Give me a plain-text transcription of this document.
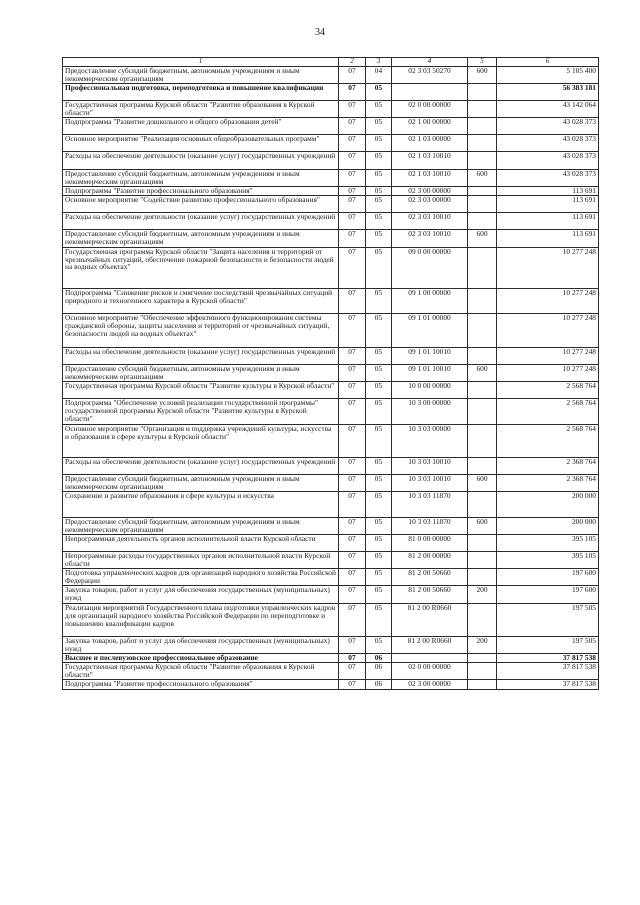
34
1	2	3	4	5	6
Предоставление субсидий бюджетным, автономным учреждениям и иным некоммерческим организациям	07	04	02 3 03 50270	600	5 105 400
Профессиональная подготовка, переподготовка и повышение квалификации	07	05			56 383 181
Государственная программа Курской области "Развитие образования в Курской области"	07	05	02 0 00 00000		43 142 064
Подпрограмма "Развитие дошкольного и общего образования детей"	07	05	02 1 00 00000		43 028 373
Основное мероприятие "Реализация основных общеобразовательных программ"	07	05	02 1 03 00000		43 028 373
Расходы на обеспечение деятельности (оказание услуг) государственных учреждений	07	05	02 1 03 10010		43 028 373
Предоставление субсидий бюджетным, автономным учреждениям и иным некоммерческим организациям	07	05	02 1 03 10010	600	43 028 373
Подпрограмма "Развитие профессионального образования"	07	05	02 3 00 00000		113 691
Основное мероприятие "Содействие развитию профессионального образования"	07	05	02 3 03 00000		113 691
Расходы на обеспечение деятельности (оказание услуг) государственных учреждений	07	05	02 3 03 10010		113 691
Предоставление субсидий бюджетным, автономным учреждениям и иным некоммерческим организациям	07	05	02 3 03 10010	600	113 691
Государственная программа Курской области "Защита населения и территорий от чрезвычайных ситуаций, обеспечение пожарной безопасности и безопасности людей на водных объектах"	07	05	09 0 00 00000		10 277 248
Подпрограмма "Снижение рисков и смягчение последствий чрезвычайных ситуаций природного и техногенного характера в Курской области"	07	05	09 1 00 00000		10 277 248
Основное мероприятие "Обеспечение эффективного функционирования системы гражданской обороны, защиты населения и территорий от чрезвычайных ситуаций, безопасности людей на водных объектах"	07	05	09 1 01 00000		10 277 248
Расходы на обеспечение деятельности (оказание услуг) государственных учреждений	07	05	09 1 01 10010		10 277 248
Предоставление субсидий бюджетным, автономным учреждениям и иным некоммерческим организациям	07	05	09 1 01 10010	600	10 277 248
Государственная программа Курской области "Развитие культуры в Курской области"	07	05	10 0 00 00000		2 568 764
Подпрограмма "Обеспечение условий реализации государственной программы" государственной программы Курской области "Развитие культуры в Курской области"	07	05	10 3 00 00000		2 568 764
Основное мероприятие "Организация и поддержка учреждений культуры, искусства и образования в сфере культуры в Курской области"	07	05	10 3 03 00000		2 568 764
Расходы на обеспечение деятельности (оказание услуг) государственных учреждений	07	05	10 3 03 10010		2 368 764
Предоставление субсидий бюджетным, автономным учреждениям и иным некоммерческим организациям	07	05	10 3 03 10010	600	2 368 764
Сохранение и развитие образования в сфере культуры и искусства	07	05	10 3 03 11870		200 000
Предоставление субсидий бюджетным, автономным учреждениям и иным некоммерческим организациям	07	05	10 3 03 11870	600	200 000
Непрограммная деятельность органов исполнительной власти Курской области	07	05	81 0 00 00000		395 105
Непрограммные расходы государственных органов исполнительной власти Курской области	07	05	81 2 00 00000		395 105
Подготовка управленческих кадров для организаций народного хозяйства Российской Федерации	07	05	81 2 00 50660		197 600
Закупка товаров, работ и услуг для обеспечения государственных (муниципальных) нужд	07	05	81 2 00 50660	200	197 600
Реализация мероприятий Государственного плана подготовки управленческих кадров для организаций народного хозяйства Российской Федерации по переподготовке и повышению квалификации кадров	07	05	81 2 00 R0660		197 505
Закупка товаров, работ и услуг для обеспечения государственных (муниципальных) нужд	07	05	81 2 00 R0660	200	197 505
Высшее и послевузовское профессиональное образование	07	06			37 817 538
Государственная программа Курской области "Развитие образования в Курской области"	07	06	02 0 00 00000		37 817 538
Подпрограмма "Развитие профессионального образования"	07	06	02 3 00 00000		37 817 538
